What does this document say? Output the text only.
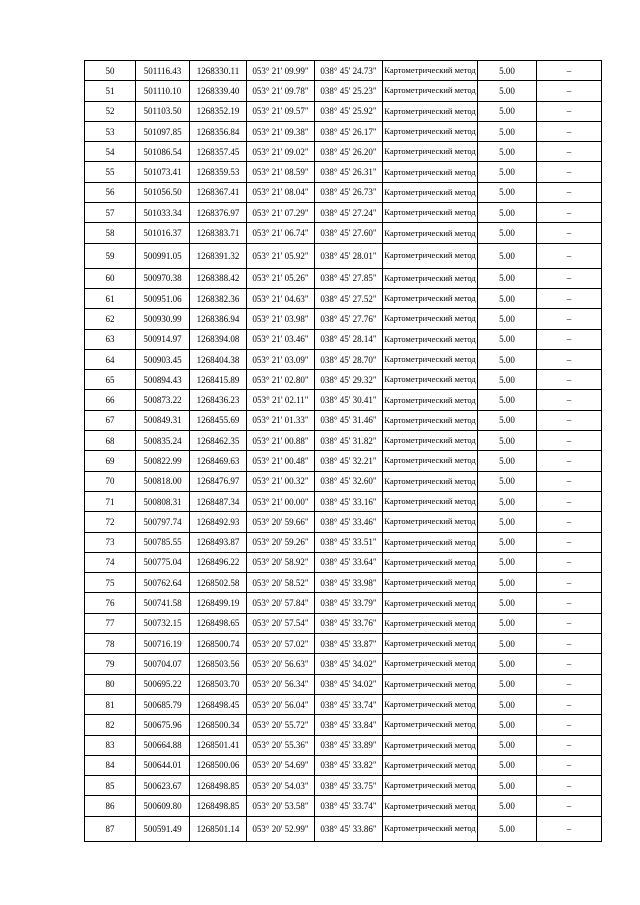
50	501116.43	1268330.11	053° 21' 09.99"	038° 45' 24.73"	Картометрический метод	5.00	–
51	501110.10	1268339.40	053° 21' 09.78"	038° 45' 25.23"	Картометрический метод	5.00	–
52	501103.50	1268352.19	053° 21' 09.57"	038° 45' 25.92"	Картометрический метод	5.00	–
53	501097.85	1268356.84	053° 21' 09.38"	038° 45' 26.17"	Картометрический метод	5.00	–
54	501086.54	1268357.45	053° 21' 09.02"	038° 45' 26.20"	Картометрический метод	5.00	–
55	501073.41	1268359.53	053° 21' 08.59"	038° 45' 26.31"	Картометрический метод	5.00	–
56	501056.50	1268367.41	053° 21' 08.04"	038° 45' 26.73"	Картометрический метод	5.00	–
57	501033.34	1268376.97	053° 21' 07.29"	038° 45' 27.24"	Картометрический метод	5.00	–
58	501016.37	1268383.71	053° 21' 06.74"	038° 45' 27.60"	Картометрический метод	5.00	–
59	500991.05	1268391.32	053° 21' 05.92"	038° 45' 28.01"	Картометрический метод	5.00	–
60	500970.38	1268388.42	053° 21' 05.26"	038° 45' 27.85"	Картометрический метод	5.00	–
61	500951.06	1268382.36	053° 21' 04.63"	038° 45' 27.52"	Картометрический метод	5.00	–
62	500930.99	1268386.94	053° 21' 03.98"	038° 45' 27.76"	Картометрический метод	5.00	–
63	500914.97	1268394.08	053° 21' 03.46"	038° 45' 28.14"	Картометрический метод	5.00	–
64	500903.45	1268404.38	053° 21' 03.09"	038° 45' 28.70"	Картометрический метод	5.00	–
65	500894.43	1268415.89	053° 21' 02.80"	038° 45' 29.32"	Картометрический метод	5.00	–
66	500873.22	1268436.23	053° 21' 02.11"	038° 45' 30.41"	Картометрический метод	5.00	–
67	500849.31	1268455.69	053° 21' 01.33"	038° 45' 31.46"	Картометрический метод	5.00	–
68	500835.24	1268462.35	053° 21' 00.88"	038° 45' 31.82"	Картометрический метод	5.00	–
69	500822.99	1268469.63	053° 21' 00.48"	038° 45' 32.21"	Картометрический метод	5.00	–
70	500818.00	1268476.97	053° 21' 00.32"	038° 45' 32.60"	Картометрический метод	5.00	–
71	500808.31	1268487.34	053° 21' 00.00"	038° 45' 33.16"	Картометрический метод	5.00	–
72	500797.74	1268492.93	053° 20' 59.66"	038° 45' 33.46"	Картометрический метод	5.00	–
73	500785.55	1268493.87	053° 20' 59.26"	038° 45' 33.51"	Картометрический метод	5.00	–
74	500775.04	1268496.22	053° 20' 58.92"	038° 45' 33.64"	Картометрический метод	5.00	–
75	500762.64	1268502.58	053° 20' 58.52"	038° 45' 33.98"	Картометрический метод	5.00	–
76	500741.58	1268499.19	053° 20' 57.84"	038° 45' 33.79"	Картометрический метод	5.00	–
77	500732.15	1268498.65	053° 20' 57.54"	038° 45' 33.76"	Картометрический метод	5.00	–
78	500716.19	1268500.74	053° 20' 57.02"	038° 45' 33.87"	Картометрический метод	5.00	–
79	500704.07	1268503.56	053° 20' 56.63"	038° 45' 34.02"	Картометрический метод	5.00	–
80	500695.22	1268503.70	053° 20' 56.34"	038° 45' 34.02"	Картометрический метод	5.00	–
81	500685.79	1268498.45	053° 20' 56.04"	038° 45' 33.74"	Картометрический метод	5.00	–
82	500675.96	1268500.34	053° 20' 55.72"	038° 45' 33.84"	Картометрический метод	5.00	–
83	500664.88	1268501.41	053° 20' 55.36"	038° 45' 33.89"	Картометрический метод	5.00	–
84	500644.01	1268500.06	053° 20' 54.69"	038° 45' 33.82"	Картометрический метод	5.00	–
85	500623.67	1268498.85	053° 20' 54.03"	038° 45' 33.75"	Картометрический метод	5.00	–
86	500609.80	1268498.85	053° 20' 53.58"	038° 45' 33.74"	Картометрический метод	5.00	–
87	500591.49	1268501.14	053° 20' 52.99"	038° 45' 33.86"	Картометрический метод	5.00	–
